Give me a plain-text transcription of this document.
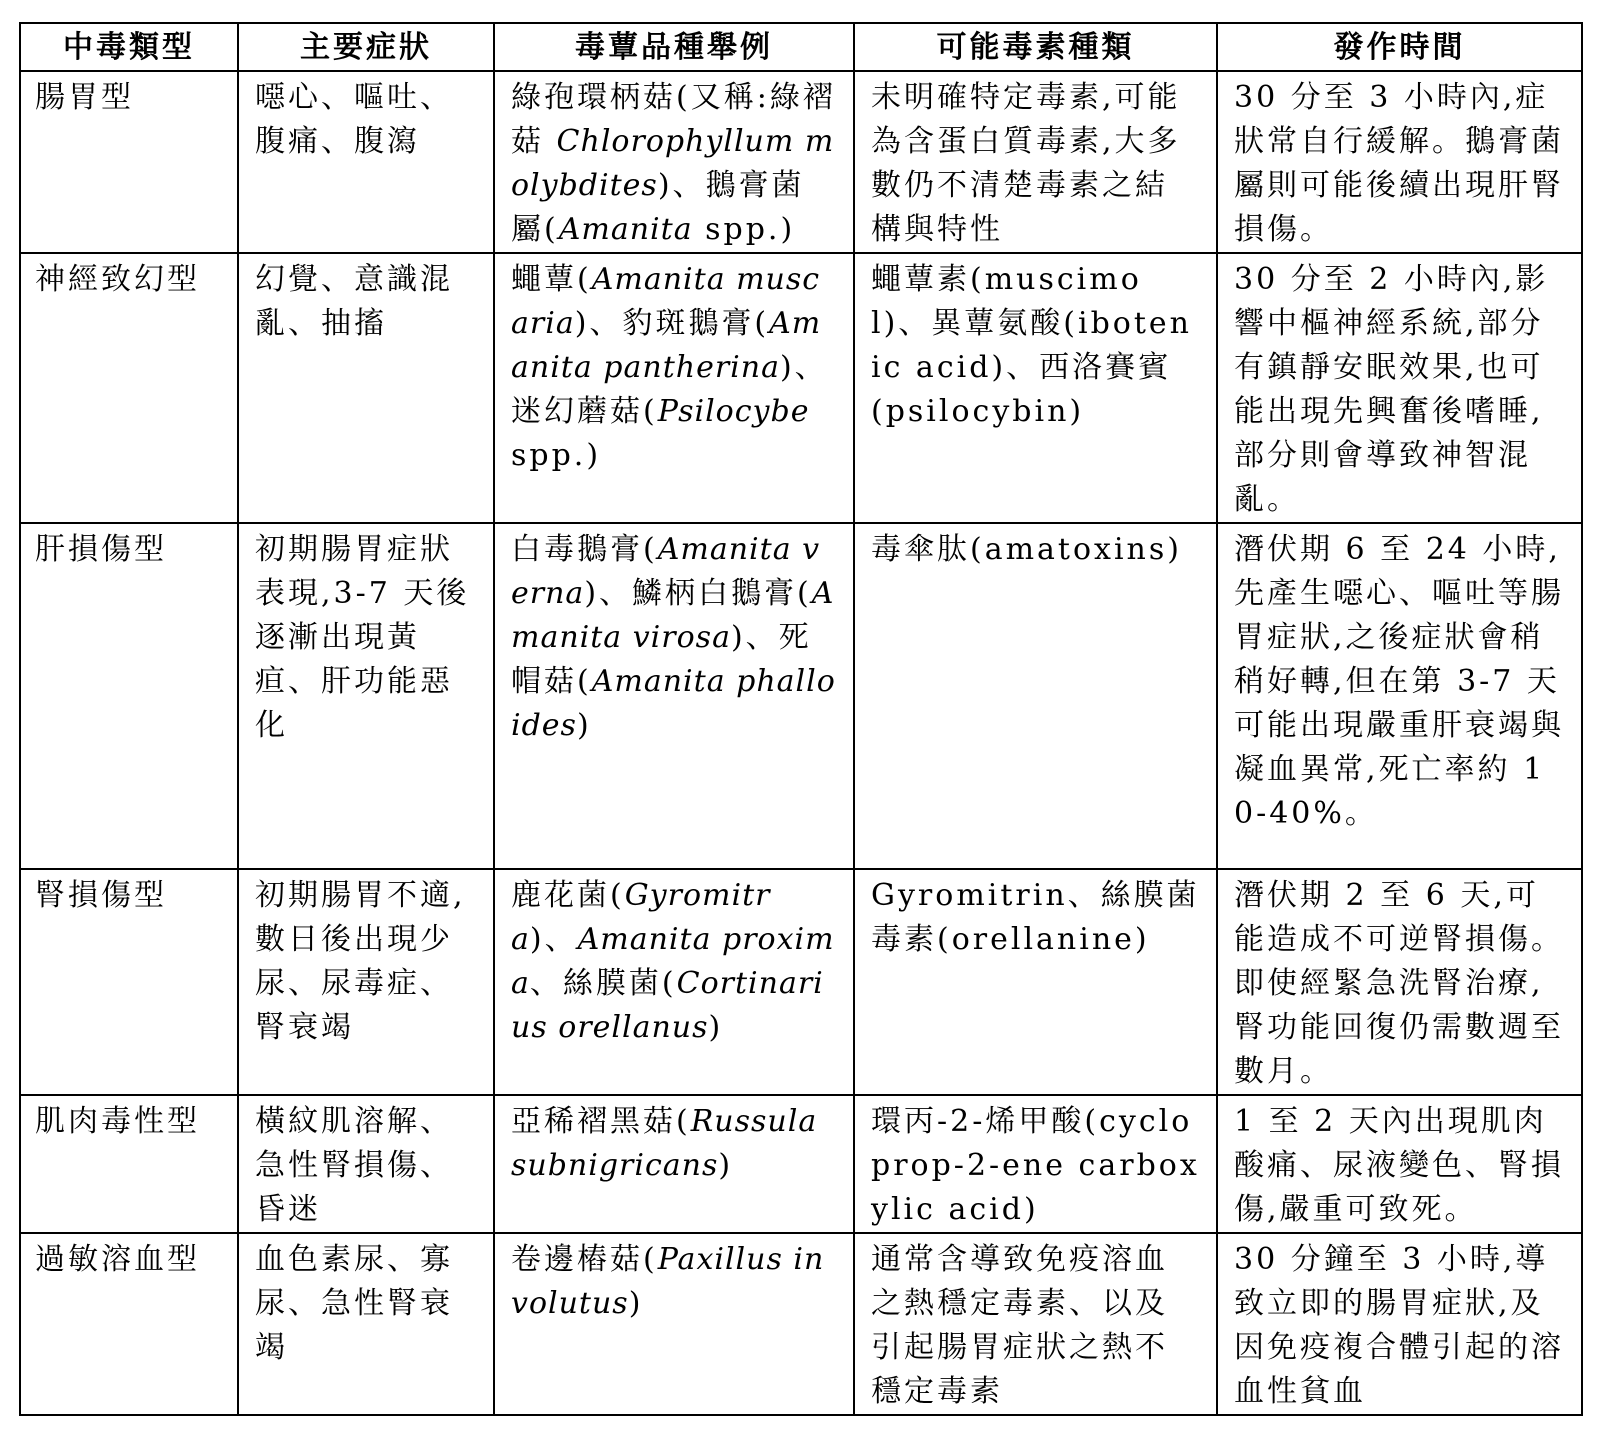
中毒類型	主要症狀	毒蕈品種舉例	可能毒素種類	發作時間
腸胃型	噁心、嘔吐、腹痛、腹瀉	綠孢環柄菇(又稱:綠褶菇 Chlorophyllum molybdites)、鵝膏菌屬(Amanita spp.)	未明確特定毒素,可能為含蛋白質毒素,大多數仍不清楚毒素之結構與特性	30 分至 3 小時內,症狀常自行緩解。鵝膏菌屬則可能後續出現肝腎損傷。
神經致幻型	幻覺、意識混亂、抽搐	蠅蕈(Amanita muscaria)、豹斑鵝膏(Amanita pantherina)、迷幻蘑菇(Psilocybe spp.)	蠅蕈素(muscimol)、異蕈氨酸(ibotenic acid)、西洛賽賓(psilocybin)	30 分至 2 小時內,影響中樞神經系統,部分有鎮靜安眠效果,也可能出現先興奮後嗜睡,部分則會導致神智混亂。
肝損傷型	初期腸胃症狀表現,3-7 天後逐漸出現黃疸、肝功能惡化	白毒鵝膏(Amanita verna)、鱗柄白鵝膏(Amanita virosa)、死帽菇(Amanita phalloides)	毒傘肽(amatoxins)	潛伏期 6 至 24 小時,先產生噁心、嘔吐等腸胃症狀,之後症狀會稍稍好轉,但在第 3-7 天可能出現嚴重肝衰竭與凝血異常,死亡率約 10-40%。
腎損傷型	初期腸胃不適,數日後出現少尿、尿毒症、腎衰竭	鹿花菌(Gyromitra)、Amanita proxima、絲膜菌(Cortinarius orellanus)	Gyromitrin、絲膜菌毒素(orellanine)	潛伏期 2 至 6 天,可能造成不可逆腎損傷。即使經緊急洗腎治療,腎功能回復仍需數週至數月。
肌肉毒性型	橫紋肌溶解、急性腎損傷、昏迷	亞稀褶黑菇(Russula subnigricans)	環丙-2-烯甲酸(cycloprop-2-ene carboxylic acid)	1 至 2 天內出現肌肉酸痛、尿液變色、腎損傷,嚴重可致死。
過敏溶血型	血色素尿、寡尿、急性腎衰竭	卷邊樁菇(Paxillus involutus)	通常含導致免疫溶血之熱穩定毒素、以及引起腸胃症狀之熱不穩定毒素	30 分鐘至 3 小時,導致立即的腸胃症狀,及因免疫複合體引起的溶血性貧血
